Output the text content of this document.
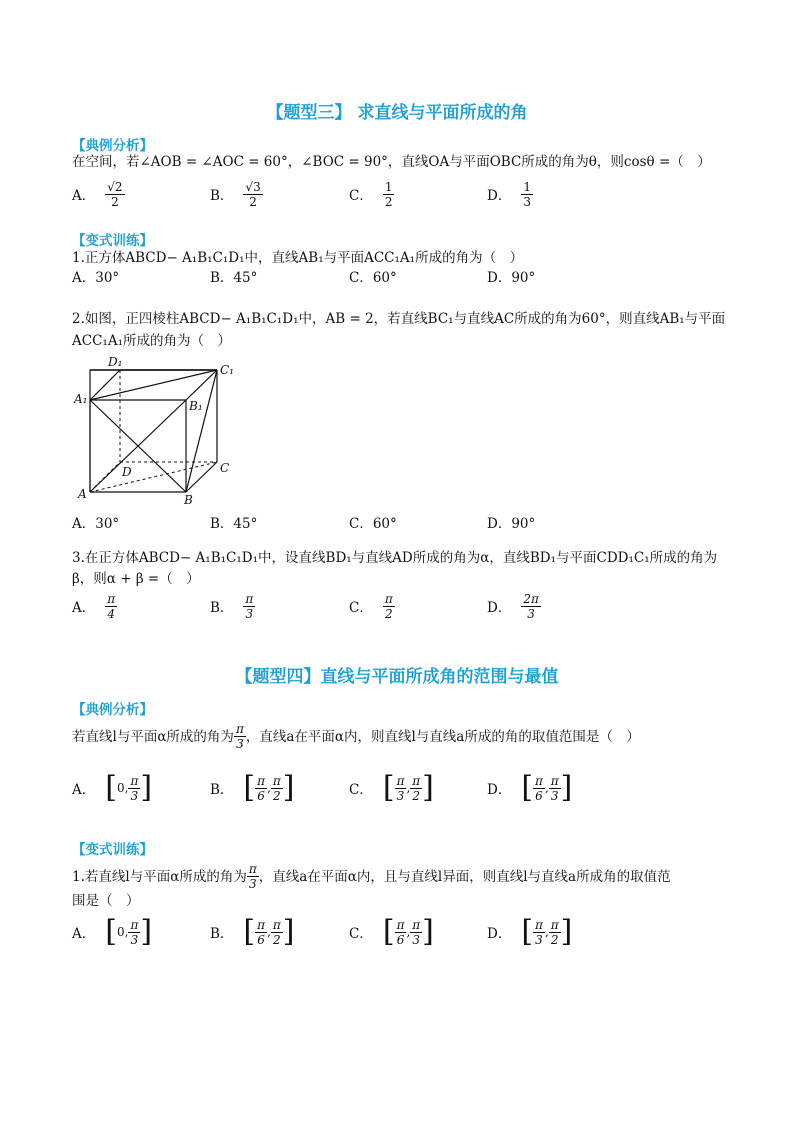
【题型三】 求直线与平面所成的角
【典例分析】
在空间，若∠AOB = ∠AOC = 60°，∠BOC = 90°，直线OA与平面OBC所成的角为θ，则cosθ =（　）
A． $\frac{√2}{2}$	B． $\frac{√3}{2}$	C． $\frac{1}{2}$	D． $\frac{1}{3}$
【变式训练】
1.正方体ABCD− A₁B₁C₁D₁中，直线AB₁与平面ACC₁A₁所成的角为（　）
A．30°	B．45°	C．60°	D．90°
2.如图，正四棱柱ABCD− A₁B₁C₁D₁中，AB = 2，若直线BC₁与直线AC所成的角为60°，则直线AB₁与平面
ACC₁A₁所成的角为（　）
D₁
C₁
A₁	B₁
D	C
A	B
A．30°	B．45°	C．60°	D．90°
3.在正方体ABCD− A₁B₁C₁D₁中，设直线BD₁与直线AD所成的角为α，直线BD₁与平面CDD₁C₁所成的角为
β，则α + β =（　）
A． $\frac{\pi}{4}$	B． $\frac{\pi}{3}$	C． $\frac{\pi}{2}$	D． $\frac{2\pi}{3}$
【题型四】直线与平面所成角的范围与最值
【典例分析】
若直线l与平面α所成的角为 $\frac{\pi}{3}$ ，直线a在平面α内，则直线l与直线a所成的角的取值范围是（　）
A． [ 0 , $\frac{\pi}{3}$ ]	B． [ $\frac{\pi}{6}$ , $\frac{\pi}{2}$ ]	C． [ $\frac{\pi}{3}$ , $\frac{\pi}{2}$ ]	D． [ $\frac{\pi}{6}$ , $\frac{\pi}{3}$ ]
【变式训练】
1.若直线l与平面α所成的角为 $\frac{\pi}{3}$ ，直线a在平面α内，且与直线l异面，则直线l与直线a所成角的取值范
围是（　）
A． [ 0 , $\frac{\pi}{3}$ ]	B． [ $\frac{\pi}{6}$ , $\frac{\pi}{2}$ ]	C． [ $\frac{\pi}{6}$ , $\frac{\pi}{3}$ ]	D． [ $\frac{\pi}{3}$ , $\frac{\pi}{2}$ ]
